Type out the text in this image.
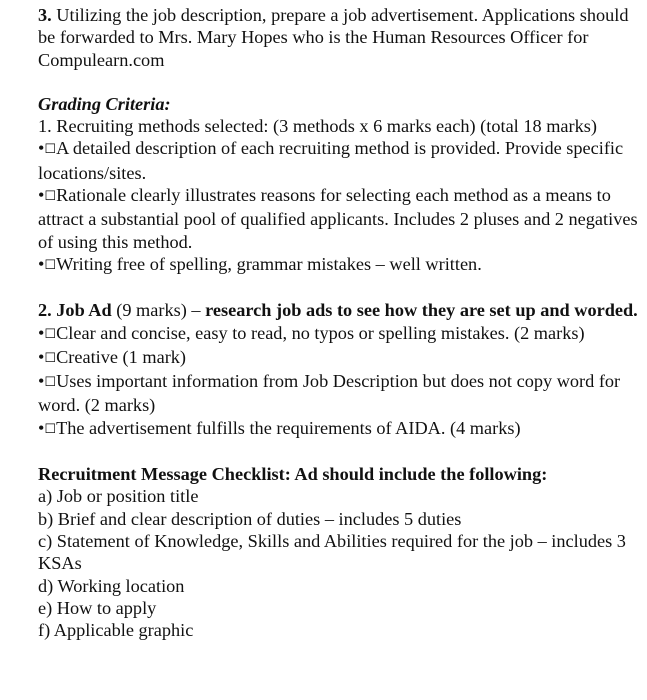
3. Utilizing the job description, prepare a job advertisement. Applications should be forwarded to Mrs. Mary Hopes who is the Human Resources Officer for Compulearn.com

Grading Criteria:

1. Recruiting methods selected: (3 methods x 6 marks each) (total 18 marks)

•☐A detailed description of each recruiting method is provided. Provide specific locations/sites.

•☐Rationale clearly illustrates reasons for selecting each method as a means to attract a substantial pool of qualified applicants. Includes 2 pluses and 2 negatives of using this method.

•☐Writing free of spelling, grammar mistakes – well written.

2. Job Ad (9 marks) – research job ads to see how they are set up and worded.

•☐Clear and concise, easy to read, no typos or spelling mistakes. (2 marks)

•☐Creative (1 mark)

•☐Uses important information from Job Description but does not copy word for word. (2 marks)

•☐The advertisement fulfills the requirements of AIDA. (4 marks)

Recruitment Message Checklist: Ad should include the following:

a) Job or position title

b) Brief and clear description of duties – includes 5 duties

c) Statement of Knowledge, Skills and Abilities required for the job – includes 3 KSAs

d) Working location

e) How to apply

f) Applicable graphic
